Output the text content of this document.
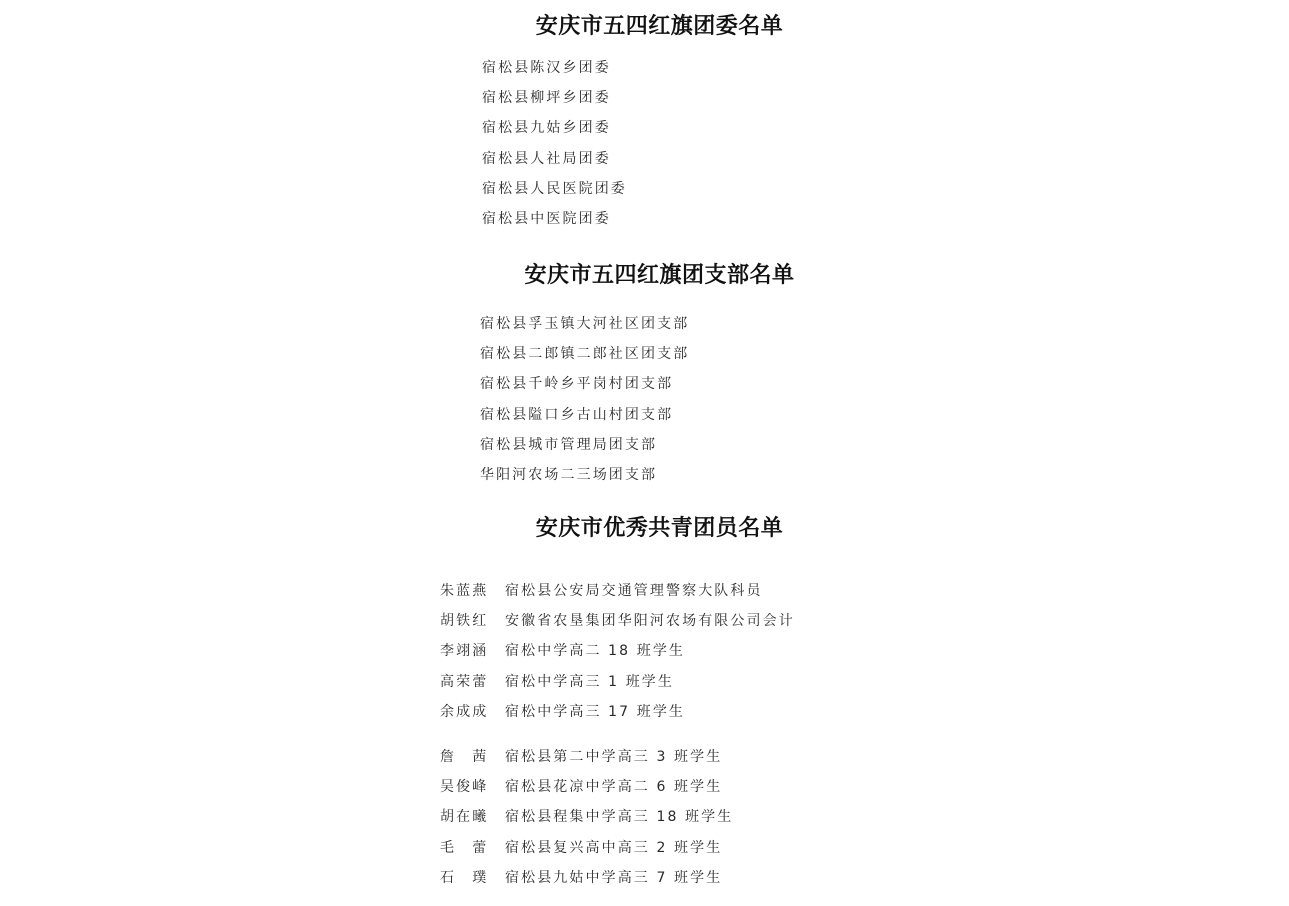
安庆市五四红旗团委名单
宿松县陈汉乡团委
宿松县柳坪乡团委
宿松县九姑乡团委
宿松县人社局团委
宿松县人民医院团委
宿松县中医院团委
安庆市五四红旗团支部名单
宿松县孚玉镇大河社区团支部
宿松县二郎镇二郎社区团支部
宿松县千岭乡平岗村团支部
宿松县隘口乡古山村团支部
宿松县城市管理局团支部
华阳河农场二三场团支部
安庆市优秀共青团员名单
朱蓝燕 宿松县公安局交通管理警察大队科员
胡铁红 安徽省农垦集团华阳河农场有限公司会计
李翊涵 宿松中学高二 18 班学生
高荣蕾 宿松中学高三 1 班学生
余成成 宿松中学高三 17 班学生
詹　茜 宿松县第二中学高三 3 班学生
吴俊峰 宿松县花凉中学高二 6 班学生
胡在曦 宿松县程集中学高三 18 班学生
毛　蕾 宿松县复兴高中高三 2 班学生
石　璞 宿松县九姑中学高三 7 班学生
